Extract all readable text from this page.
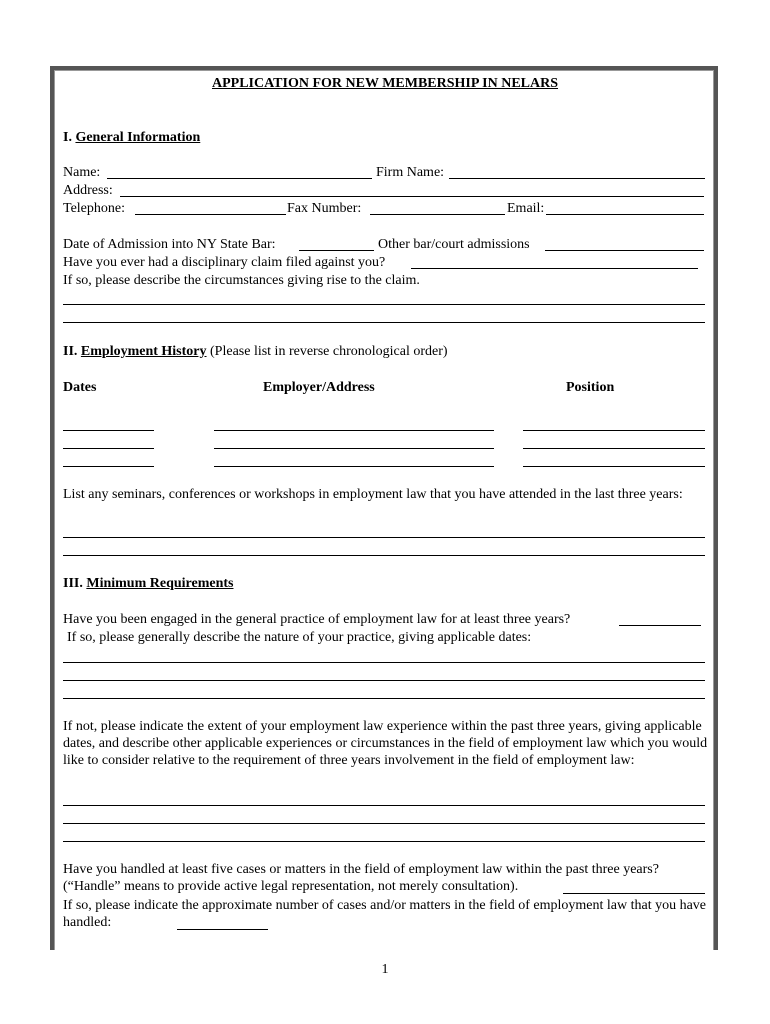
APPLICATION FOR NEW MEMBERSHIP IN NELARS
I. General Information
Name:	Firm Name:
Address:
Telephone:	Fax Number:	Email:
Date of Admission into NY State Bar:	Other bar/court admissions
Have you ever had a disciplinary claim filed against you?
If so, please describe the circumstances giving rise to the claim.
II. Employment History (Please list in reverse chronological order)
Dates	Employer/Address	Position
List any seminars, conferences or workshops in employment law that you have attended in the last three years:
III. Minimum Requirements
Have you been engaged in the general practice of employment law for at least three years?
If so, please generally describe the nature of your practice, giving applicable dates:
If not, please indicate the extent of your employment law experience within the past three years, giving applicable dates, and describe other applicable experiences or circumstances in the field of employment law which you would like to consider relative to the requirement of three years involvement in the field of employment law:
Have you handled at least five cases or matters in the field of employment law within the past three years? (“Handle” means to provide active legal representation, not merely consultation).
If so, please indicate the approximate number of cases and/or matters in the field of employment law that you have handled:
1
